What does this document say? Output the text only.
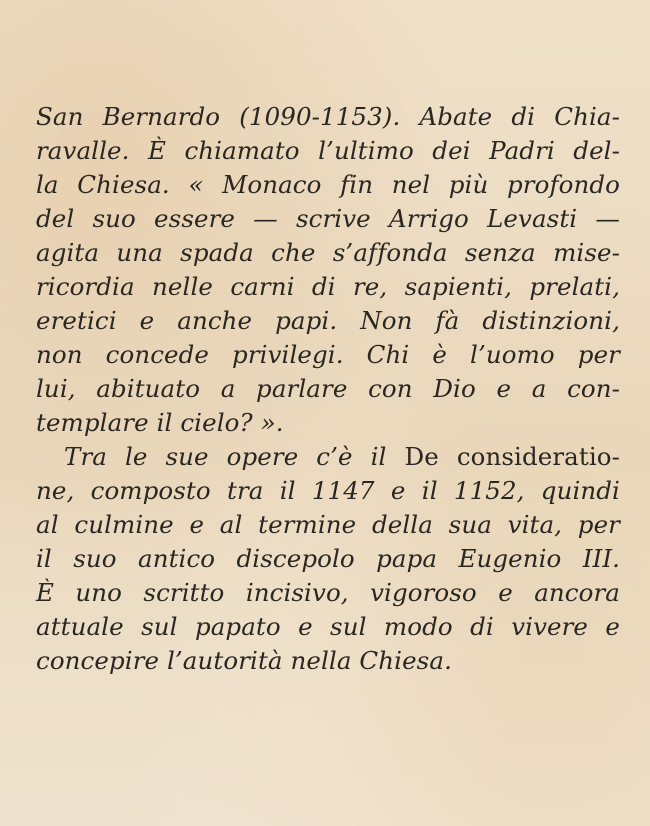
San Bernardo (1090-1153). Abate di Chia-
ravalle. È chiamato l’ultimo dei Padri del-
la Chiesa. « Monaco fin nel più profondo
del suo essere — scrive Arrigo Levasti —
agita una spada che s’affonda senza mise-
ricordia nelle carni di re, sapienti, prelati,
eretici e anche papi. Non fà distinzioni,
non concede privilegi. Chi è l’uomo per
lui, abituato a parlare con Dio e a con-
templare il cielo? ».
Tra le sue opere c’è il De consideratio-
ne, composto tra il 1147 e il 1152, quindi
al culmine e al termine della sua vita, per
il suo antico discepolo papa Eugenio III.
È uno scritto incisivo, vigoroso e ancora
attuale sul papato e sul modo di vivere e
concepire l’autorità nella Chiesa.
